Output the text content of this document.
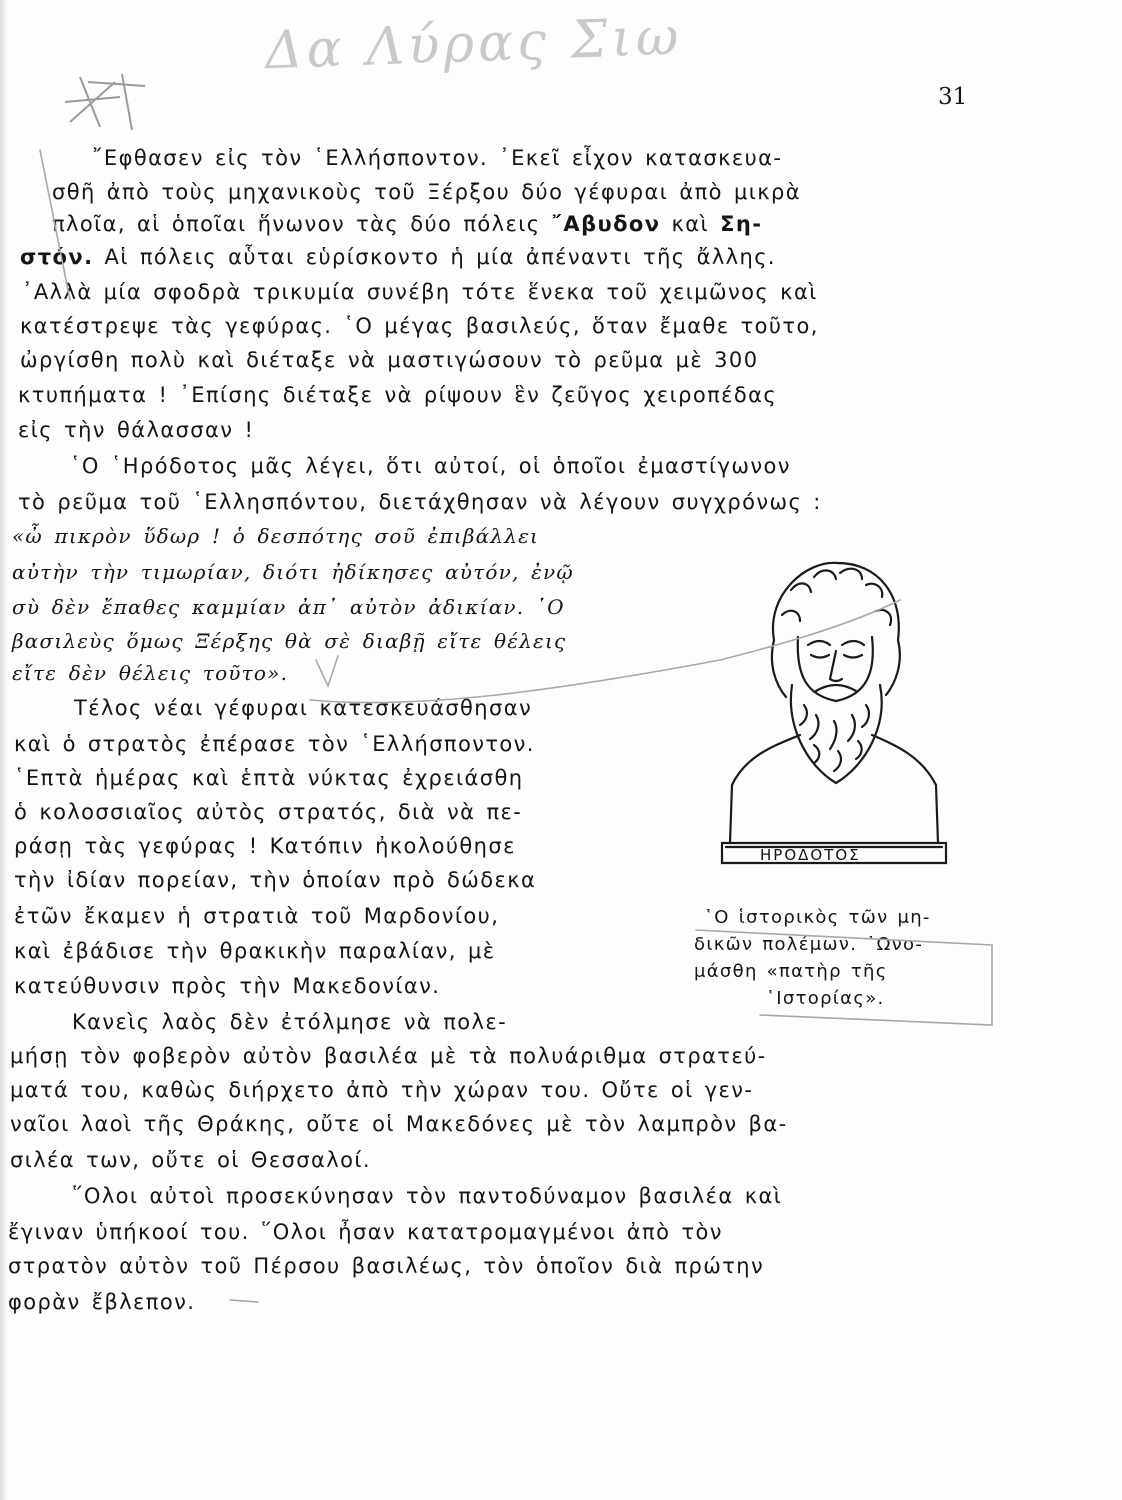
Δα Λύρας Σιω
31
῎Εφθασεν εἰς τὸν ῾Ελλήσποντον. ᾿Εκεῖ εἶχον κατασκευα-
σθῆ ἀπὸ τοὺς μηχανικοὺς τοῦ Ξέρξου δύο γέφυραι ἀπὸ μικρὰ
πλοῖα, αἱ ὁποῖαι ἥνωνον τὰς δύο πόλεις ῎Αβυδον καὶ Ση-
στόν. Αἱ πόλεις αὗται εὑρίσκοντο ἡ μία ἀπέναντι τῆς ἄλλης.
᾿Αλλὰ μία σφοδρὰ τρικυμία συνέβη τότε ἕνεκα τοῦ χειμῶνος καὶ
κατέστρεψε τὰς γεφύρας. ῾Ο μέγας βασιλεύς, ὅταν ἔμαθε τοῦτο,
ὠργίσθη πολὺ καὶ διέταξε νὰ μαστιγώσουν τὸ ρεῦμα μὲ 300
κτυπήματα ! ᾿Επίσης διέταξε νὰ ρίψουν ἓν ζεῦγος χειροπέδας
εἰς τὴν θάλασσαν !
῾Ο ῾Ηρόδοτος μᾶς λέγει, ὅτι αὐτοί, οἱ ὁποῖοι ἐμαστίγωνον
τὸ ρεῦμα τοῦ ῾Ελλησπόντου, διετάχθησαν νὰ λέγουν συγχρόνως :
«ὦ πικρὸν ὕδωρ ! ὁ δεσπότης σοῦ ἐπιβάλλει
αὐτὴν τὴν τιμωρίαν, διότι ἠδίκησες αὐτόν, ἐνῷ
σὺ δὲν ἔπαθες καμμίαν ἀπ᾿ αὐτὸν ἀδικίαν. ῾Ο
βασιλεὺς ὅμως Ξέρξης θὰ σὲ διαβῇ εἴτε θέλεις
εἴτε δὲν θέλεις τοῦτο».
Τέλος νέαι γέφυραι κατεσκευάσθησαν
καὶ ὁ στρατὸς ἐπέρασε τὸν ῾Ελλήσποντον.
῾Επτὰ ἡμέρας καὶ ἑπτὰ νύκτας ἐχρειάσθη
ὁ κολοσσιαῖος αὐτὸς στρατός, διὰ νὰ πε-
ράσῃ τὰς γεφύρας ! Κατόπιν ἠκολούθησε
τὴν ἰδίαν πορείαν, τὴν ὁποίαν πρὸ δώδεκα
ἐτῶν ἔκαμεν ἡ στρατιὰ τοῦ Μαρδονίου,
καὶ ἐβάδισε τὴν θρακικὴν παραλίαν, μὲ
κατεύθυνσιν πρὸς τὴν Μακεδονίαν.
ΗΡΟΔΟΤΟΣ
῾Ο ἱστορικὸς τῶν μη-
δικῶν πολέμων. ᾿Ωνο-
μάσθη «πατὴρ τῆς
῾Ιστορίας».
Κανεὶς λαὸς δὲν ἐτόλμησε νὰ πολε-
μήσῃ τὸν φοβερὸν αὐτὸν βασιλέα μὲ τὰ πολυάριθμα στρατεύ-
ματά του, καθὼς διήρχετο ἀπὸ τὴν χώραν του. Οὔτε οἱ γεν-
ναῖοι λαοὶ τῆς Θράκης, οὔτε οἱ Μακεδόνες μὲ τὸν λαμπρὸν βα-
σιλέα των, οὔτε οἱ Θεσσαλοί.
῞Ολοι αὐτοὶ προσεκύνησαν τὸν παντοδύναμον βασιλέα καὶ
ἔγιναν ὑπήκοοί του. ῞Ολοι ἦσαν κατατρομαγμένοι ἀπὸ τὸν
στρατὸν αὐτὸν τοῦ Πέρσου βασιλέως, τὸν ὁποῖον διὰ πρώτην
φορὰν ἔβλεπον.
